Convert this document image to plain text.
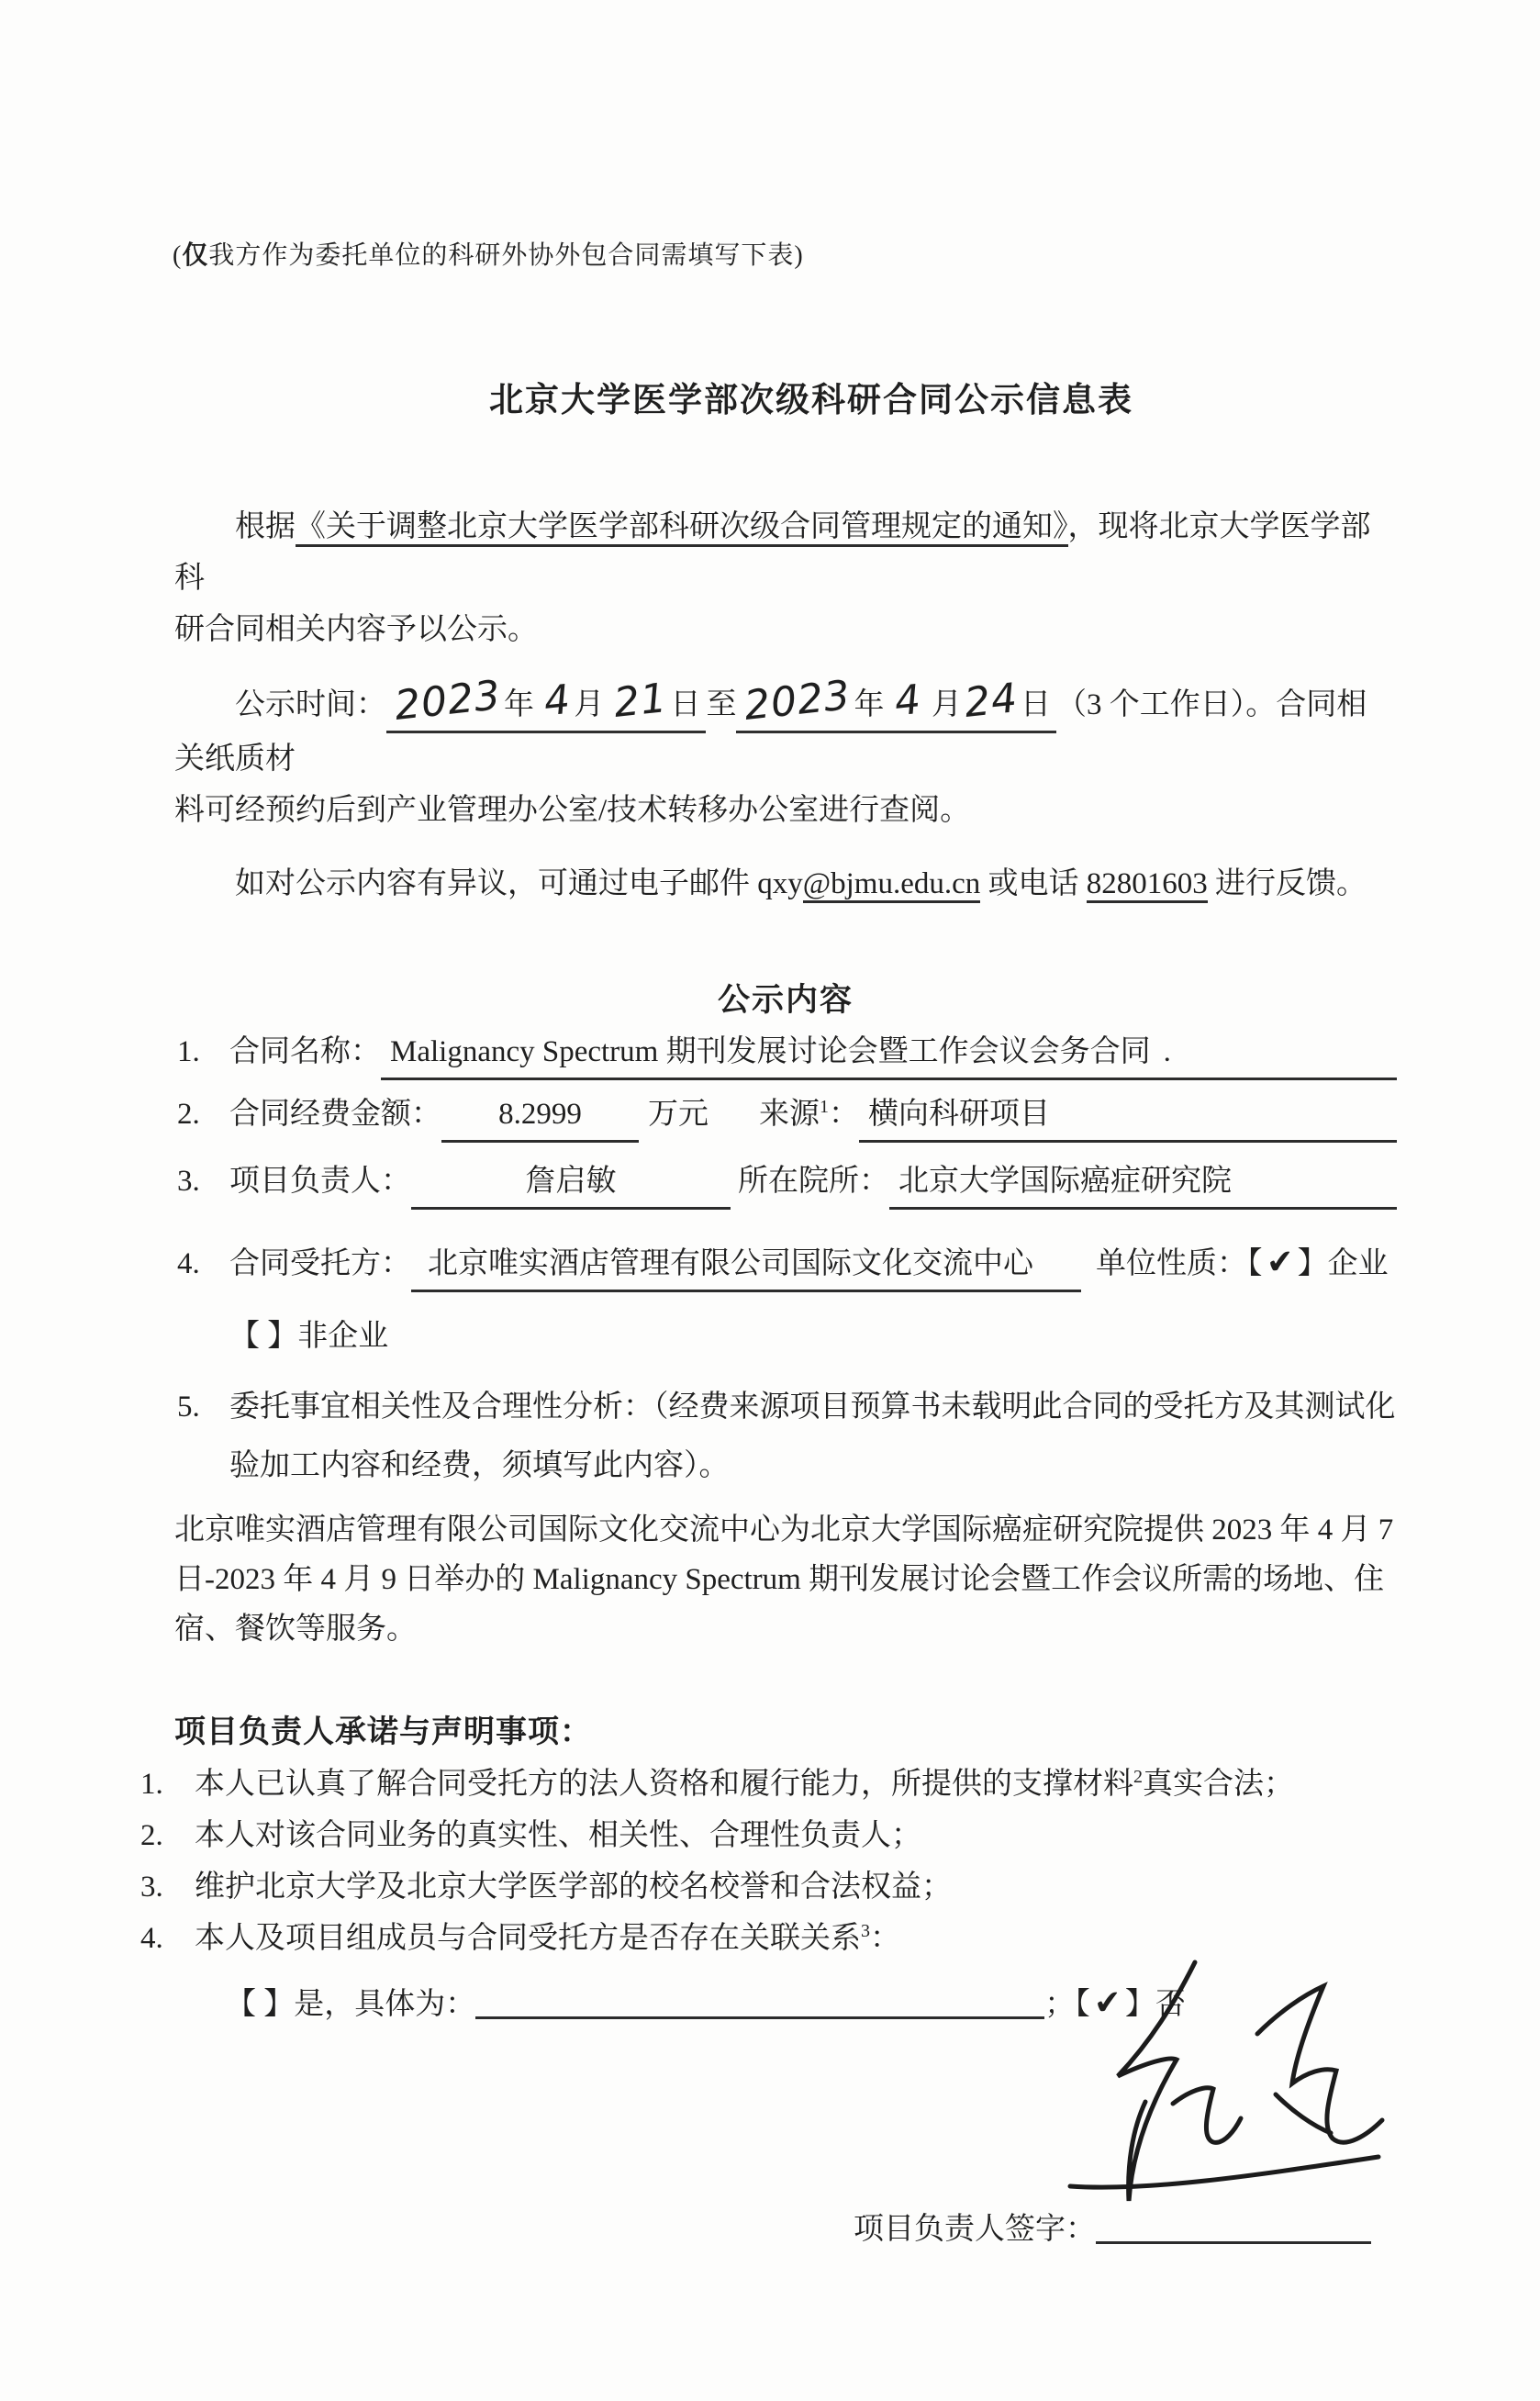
(仅我方作为委托单位的科研外协外包合同需填写下表)
北京大学医学部次级科研合同公示信息表
根据《关于调整北京大学医学部科研次级合同管理规定的通知》，现将北京大学医学部科
研合同相关内容予以公示。
公示时间： 2023年 4月 21日 至 2023年 4 月24日 （3 个工作日）。合同相关纸质材
料可经预约后到产业管理办公室/技术转移办公室进行查阅。
如对公示内容有异议，可通过电子邮件 qxy@bjmu.edu.cn 或电话 82801603 进行反馈。
公示内容
1. 合同名称： Malignancy Spectrum 期刊发展讨论会暨工作会议会务合同 .
2. 合同经费金额：	8.2999	万元 来源$^1$： 横向科研项目
3. 项目负责人：	詹启敏	所在院所： 北京大学国际癌症研究院
4. 合同受托方： 北京唯实酒店管理有限公司国际文化交流中心	单位性质：【✔】企业
【 】非企业
5. 委托事宜相关性及合理性分析：（经费来源项目预算书未载明此合同的受托方及其测试化
验加工内容和经费，须填写此内容）。
北京唯实酒店管理有限公司国际文化交流中心为北京大学国际癌症研究院提供 2023 年 4 月 7
日-2023 年 4 月 9 日举办的 Malignancy Spectrum 期刊发展讨论会暨工作会议所需的场地、住
宿、餐饮等服务。
项目负责人承诺与声明事项：
1.	本人已认真了解合同受托方的法人资格和履行能力，所提供的支撑材料$^2$真实合法；
2.	本人对该合同业务的真实性、相关性、合理性负责人；
3.	维护北京大学及北京大学医学部的校名校誉和合法权益；
4.	本人及项目组成员与合同受托方是否存在关联关系$^3$：
【 】是，具体为：	；【✔】否
项目负责人签字：
